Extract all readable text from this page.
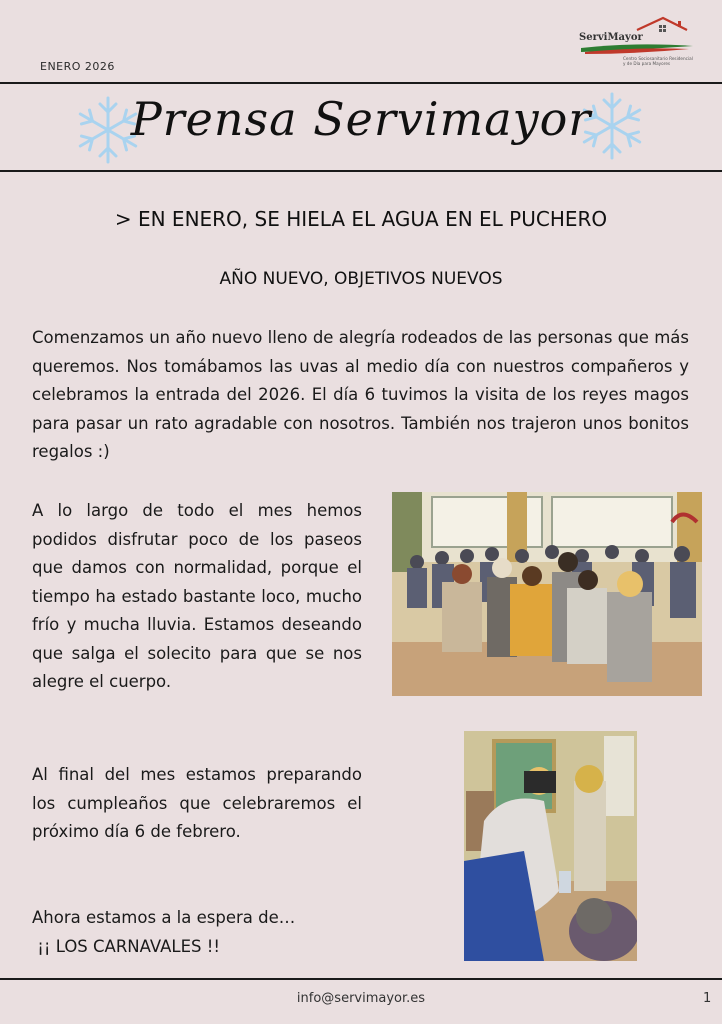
ENERO 2026
ServiMayor
Centro Sociosanitario Residencial
y de Día para Mayores
Prensa Servimayor
> EN ENERO, SE HIELA EL AGUA EN EL PUCHERO
AÑO NUEVO, OBJETIVOS NUEVOS
Comenzamos un año nuevo lleno de alegría rodeados de las personas que más queremos. Nos tomábamos las uvas al medio día con nuestros compañeros y celebramos la entrada del 2026. El día 6 tuvimos la visita de los reyes magos para pasar un rato agradable con nosotros. También nos trajeron unos bonitos regalos :)
A lo largo de todo el mes hemos podidos disfrutar poco de los paseos que damos con normalidad, porque el tiempo ha estado bastante loco, mucho frío y mucha lluvia. Estamos deseando que salga el solecito para que se nos alegre el cuerpo.
Al final del mes estamos preparando los cumpleaños que celebraremos el próximo día 6 de febrero.
Ahora estamos a la espera de…
¡¡ LOS CARNAVALES !!
info@servimayor.es	1
